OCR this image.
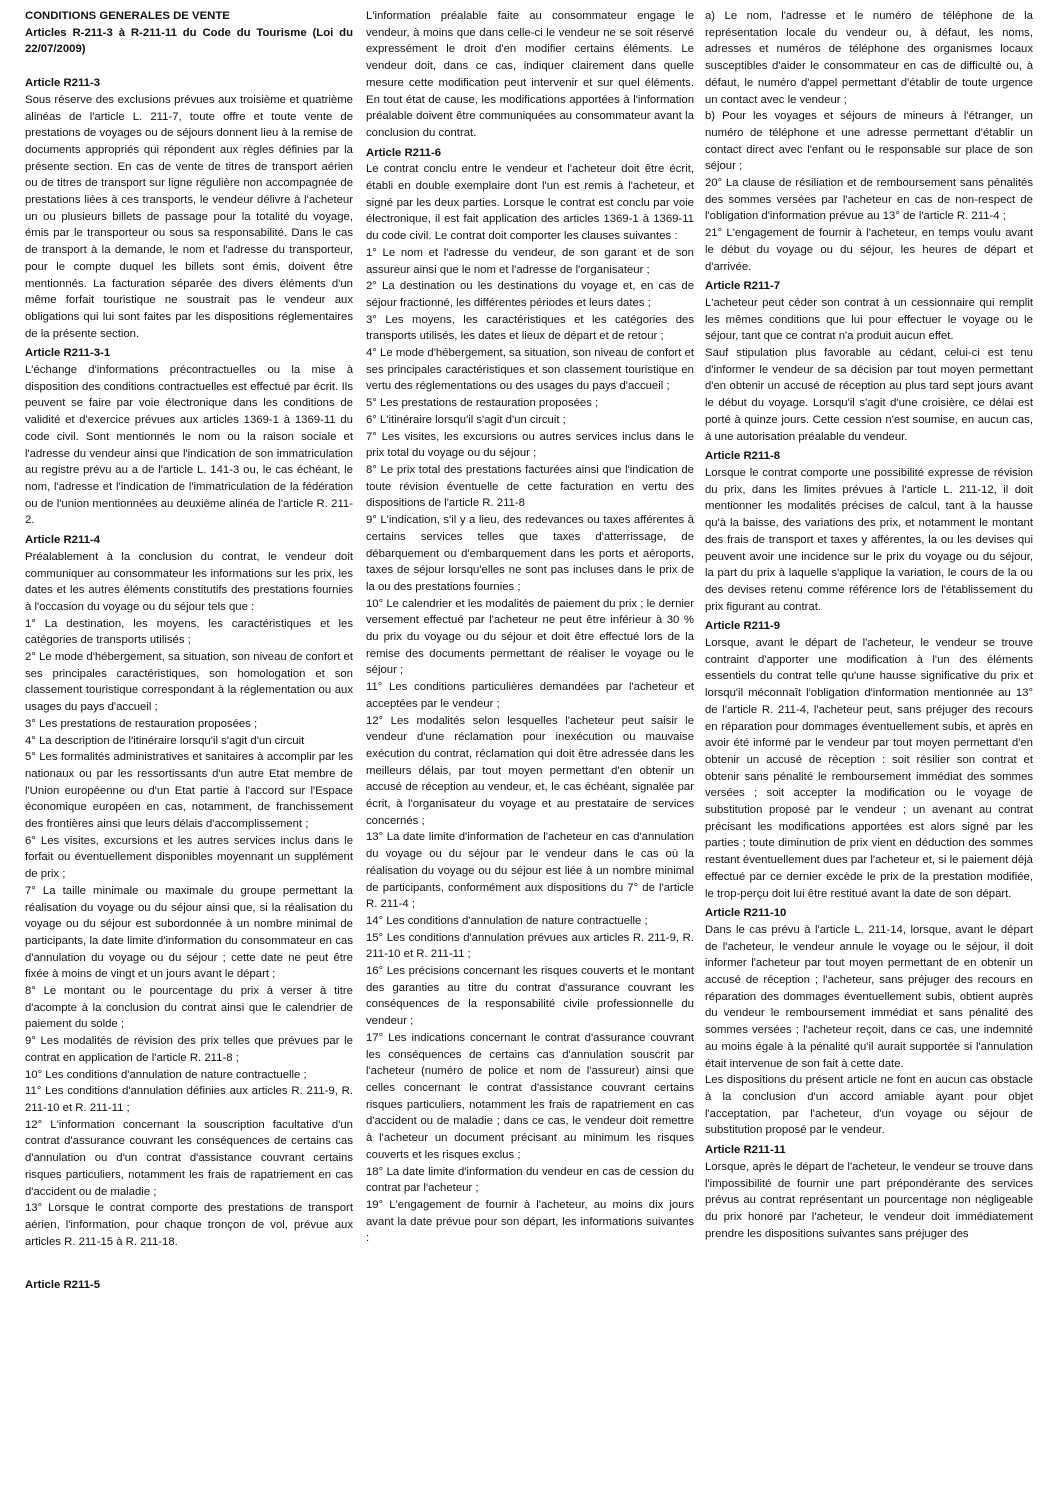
CONDITIONS GENERALES DE VENTE

Articles R-211-3 à R-211-11 du Code du Tourisme (Loi du 22/07/2009)

Article R211-3

Sous réserve des exclusions prévues aux troisième et quatrième alinéas de l'article L. 211-7, toute offre et toute vente de prestations de voyages ou de séjours donnent lieu à la remise de documents appropriés qui répondent aux règles définies par la présente section. En cas de vente de titres de transport aérien ou de titres de transport sur ligne régulière non accompagnée de prestations liées à ces transports, le vendeur délivre à l'acheteur un ou plusieurs billets de passage pour la totalité du voyage, émis par le transporteur ou sous sa responsabilité. Dans le cas de transport à la demande, le nom et l'adresse du transporteur, pour le compte duquel les billets sont émis, doivent être mentionnés. La facturation séparée des divers éléments d'un même forfait touristique ne soustrait pas le vendeur aux obligations qui lui sont faites par les dispositions réglementaires de la présente section.

Article R211-3-1

L'échange d'informations précontractuelles ou la mise à disposition des conditions contractuelles est effectué par écrit. Ils peuvent se faire par voie électronique dans les conditions de validité et d'exercice prévues aux articles 1369-1 à 1369-11 du code civil. Sont mentionnés le nom ou la raison sociale et l'adresse du vendeur ainsi que l'indication de son immatriculation au registre prévu au a de l'article L. 141-3 ou, le cas échéant, le nom, l'adresse et l'indication de l'immatriculation de la fédération ou de l'union mentionnées au deuxième alinéa de l'article R. 211-2.

Article R211-4

Préalablement à la conclusion du contrat, le vendeur doit communiquer au consommateur les informations sur les prix, les dates et les autres éléments constitutifs des prestations fournies à l'occasion du voyage ou du séjour tels que :

1° La destination, les moyens, les caractéristiques et les catégories de transports utilisés ;

2° Le mode d'hébergement, sa situation, son niveau de confort et ses principales caractéristiques, son homologation et son classement touristique correspondant à la réglementation ou aux usages du pays d'accueil ;

3° Les prestations de restauration proposées ;

4° La description de l'itinéraire lorsqu'il s'agit d'un circuit

5° Les formalités administratives et sanitaires à accomplir par les nationaux ou par les ressortissants d'un autre Etat membre de l'Union européenne ou d'un Etat partie à l'accord sur l'Espace économique européen en cas, notamment, de franchissement des frontières ainsi que leurs délais d'accomplissement ;

6° Les visites, excursions et les autres services inclus dans le forfait ou éventuellement disponibles moyennant un supplément de prix ;

7° La taille minimale ou maximale du groupe permettant la réalisation du voyage ou du séjour ainsi que, si la réalisation du voyage ou du séjour est subordonnée à un nombre minimal de participants, la date limite d'information du consommateur en cas d'annulation du voyage ou du séjour ; cette date ne peut être fixée à moins de vingt et un jours avant le départ ;

8° Le montant ou le pourcentage du prix à verser à titre d'acompte à la conclusion du contrat ainsi que le calendrier de paiement du solde ;

9° Les modalités de révision des prix telles que prévues par le contrat en application de l'article R. 211-8 ;

10° Les conditions d'annulation de nature contractuelle ;

11° Les conditions d'annulation définies aux articles R. 211-9, R. 211-10 et R. 211-11 ;

12° L'information concernant la souscription facultative d'un contrat d'assurance couvrant les conséquences de certains cas d'annulation ou d'un contrat d'assistance couvrant certains risques particuliers, notamment les frais de rapatriement en cas d'accident ou de maladie ;

13° Lorsque le contrat comporte des prestations de transport aérien, l'information, pour chaque tronçon de vol, prévue aux articles R. 211-15 à R. 211-18.

Article R211-5

L'information préalable faite au consommateur engage le vendeur, à moins que dans celle-ci le vendeur ne se soit réservé expressément le droit d'en modifier certains éléments. Le vendeur doit, dans ce cas, indiquer clairement dans quelle mesure cette modification peut intervenir et sur quel éléments. En tout état de cause, les modifications apportées à l'information préalable doivent être communiquées au consommateur avant la conclusion du contrat.

Article R211-6

Le contrat conclu entre le vendeur et l'acheteur doit être écrit, établi en double exemplaire dont l'un est remis à l'acheteur, et signé par les deux parties. Lorsque le contrat est conclu par voie électronique, il est fait application des articles 1369-1 à 1369-11 du code civil. Le contrat doit comporter les clauses suivantes :

1° Le nom et l'adresse du vendeur, de son garant et de son assureur ainsi que le nom et l'adresse de l'organisateur ;

2° La destination ou les destinations du voyage et, en cas de séjour fractionné, les différentes périodes et leurs dates ;

3° Les moyens, les caractéristiques et les catégories des transports utilisés, les dates et lieux de départ et de retour ;

4° Le mode d'hébergement, sa situation, son niveau de confort et ses principales caractéristiques et son classement touristique en vertu des réglementations ou des usages du pays d'accueil ;

5° Les prestations de restauration proposées ;

6° L'itinéraire lorsqu'il s'agit d'un circuit ;

7° Les visites, les excursions ou autres services inclus dans le prix total du voyage ou du séjour ;

8° Le prix total des prestations facturées ainsi que l'indication de toute révision éventuelle de cette facturation en vertu des dispositions de l'article R. 211-8

9° L'indication, s'il y a lieu, des redevances ou taxes afférentes à certains services telles que taxes d'atterrissage, de débarquement ou d'embarquement dans les ports et aéroports, taxes de séjour lorsqu'elles ne sont pas incluses dans le prix de la ou des prestations fournies ;

10° Le calendrier et les modalités de paiement du prix ; le dernier versement effectué par l'acheteur ne peut être inférieur à 30 % du prix du voyage ou du séjour et doit être effectué lors de la remise des documents permettant de réaliser le voyage ou le séjour ;

11° Les conditions particulières demandées par l'acheteur et acceptées par le vendeur ;

12° Les modalités selon lesquelles l'acheteur peut saisir le vendeur d'une réclamation pour inexécution ou mauvaise exécution du contrat, réclamation qui doit être adressée dans les meilleurs délais, par tout moyen permettant d'en obtenir un accusé de réception au vendeur, et, le cas échéant, signalée par écrit, à l'organisateur du voyage et au prestataire de services concernés ;

13° La date limite d'information de l'acheteur en cas d'annulation du voyage ou du séjour par le vendeur dans le cas où la réalisation du voyage ou du séjour est liée à un nombre minimal de participants, conformément aux dispositions du 7° de l'article R. 211-4 ;

14° Les conditions d'annulation de nature contractuelle ;

15° Les conditions d'annulation prévues aux articles R. 211-9, R. 211-10 et R. 211-11 ;

16° Les précisions concernant les risques couverts et le montant des garanties au titre du contrat d'assurance couvrant les conséquences de la responsabilité civile professionnelle du vendeur ;

17° Les indications concernant le contrat d'assurance couvrant les conséquences de certains cas d'annulation souscrit par l'acheteur (numéro de police et nom de l'assureur) ainsi que celles concernant le contrat d'assistance couvrant certains risques particuliers, notamment les frais de rapatriement en cas d'accident ou de maladie ; dans ce cas, le vendeur doit remettre à l'acheteur un document précisant au minimum les risques couverts et les risques exclus ;

18° La date limite d'information du vendeur en cas de cession du contrat par l'acheteur ;

19° L'engagement de fournir à l'acheteur, au moins dix jours avant la date prévue pour son départ, les informations suivantes :

a) Le nom, l'adresse et le numéro de téléphone de la représentation locale du vendeur ou, à défaut, les noms, adresses et numéros de téléphone des organismes locaux susceptibles d'aider le consommateur en cas de difficulté ou, à défaut, le numéro d'appel permettant d'établir de toute urgence un contact avec le vendeur ;

b) Pour les voyages et séjours de mineurs à l'étranger, un numéro de téléphone et une adresse permettant d'établir un contact direct avec l'enfant ou le responsable sur place de son séjour ;

20° La clause de résiliation et de remboursement sans pénalités des sommes versées par l'acheteur en cas de non-respect de l'obligation d'information prévue au 13° de l'article R. 211-4 ;

21° L'engagement de fournir à l'acheteur, en temps voulu avant le début du voyage ou du séjour, les heures de départ et d'arrivée.

Article R211-7

L'acheteur peut céder son contrat à un cessionnaire qui remplit les mêmes conditions que lui pour effectuer le voyage ou le séjour, tant que ce contrat n'a produit aucun effet.

Sauf stipulation plus favorable au cédant, celui-ci est tenu d'informer le vendeur de sa décision par tout moyen permettant d'en obtenir un accusé de réception au plus tard sept jours avant le début du voyage. Lorsqu'il s'agit d'une croisière, ce délai est porté à quinze jours. Cette cession n'est soumise, en aucun cas, à une autorisation préalable du vendeur.

Article R211-8

Lorsque le contrat comporte une possibilité expresse de révision du prix, dans les limites prévues à l'article L. 211-12, il doit mentionner les modalités précises de calcul, tant à la hausse qu'à la baisse, des variations des prix, et notamment le montant des frais de transport et taxes y afférentes, la ou les devises qui peuvent avoir une incidence sur le prix du voyage ou du séjour, la part du prix à laquelle s'applique la variation, le cours de la ou des devises retenu comme référence lors de l'établissement du prix figurant au contrat.

Article R211-9

Lorsque, avant le départ de l'acheteur, le vendeur se trouve contraint d'apporter une modification à l'un des éléments essentiels du contrat telle qu'une hausse significative du prix et lorsqu'il méconnaît l'obligation d'information mentionnée au 13° de l'article R. 211-4, l'acheteur peut, sans préjuger des recours en réparation pour dommages éventuellement subis, et après en avoir été informé par le vendeur par tout moyen permettant d'en obtenir un accusé de réception : soit résilier son contrat et obtenir sans pénalité le remboursement immédiat des sommes versées ; soit accepter la modification ou le voyage de substitution proposé par le vendeur ; un avenant au contrat précisant les modifications apportées est alors signé par les parties ; toute diminution de prix vient en déduction des sommes restant éventuellement dues par l'acheteur et, si le paiement déjà effectué par ce dernier excède le prix de la prestation modifiée, le trop-perçu doit lui être restitué avant la date de son départ.

Article R211-10

Dans le cas prévu à l'article L. 211-14, lorsque, avant le départ de l'acheteur, le vendeur annule le voyage ou le séjour, il doit informer l'acheteur par tout moyen permettant de en obtenir un accusé de réception ; l'acheteur, sans préjuger des recours en réparation des dommages éventuellement subis, obtient auprès du vendeur le remboursement immédiat et sans pénalité des sommes versées ; l'acheteur reçoit, dans ce cas, une indemnité au moins égale à la pénalité qu'il aurait supportée si l'annulation était intervenue de son fait à cette date.

Les dispositions du présent article ne font en aucun cas obstacle à la conclusion d'un accord amiable ayant pour objet l'acceptation, par l'acheteur, d'un voyage ou séjour de substitution proposé par le vendeur.

Article R211-11

Lorsque, après le départ de l'acheteur, le vendeur se trouve dans l'impossibilité de fournir une part prépondérante des services prévus au contrat représentant un pourcentage non négligeable du prix honoré par l'acheteur, le vendeur doit immédiatement prendre les dispositions suivantes sans préjuger des
